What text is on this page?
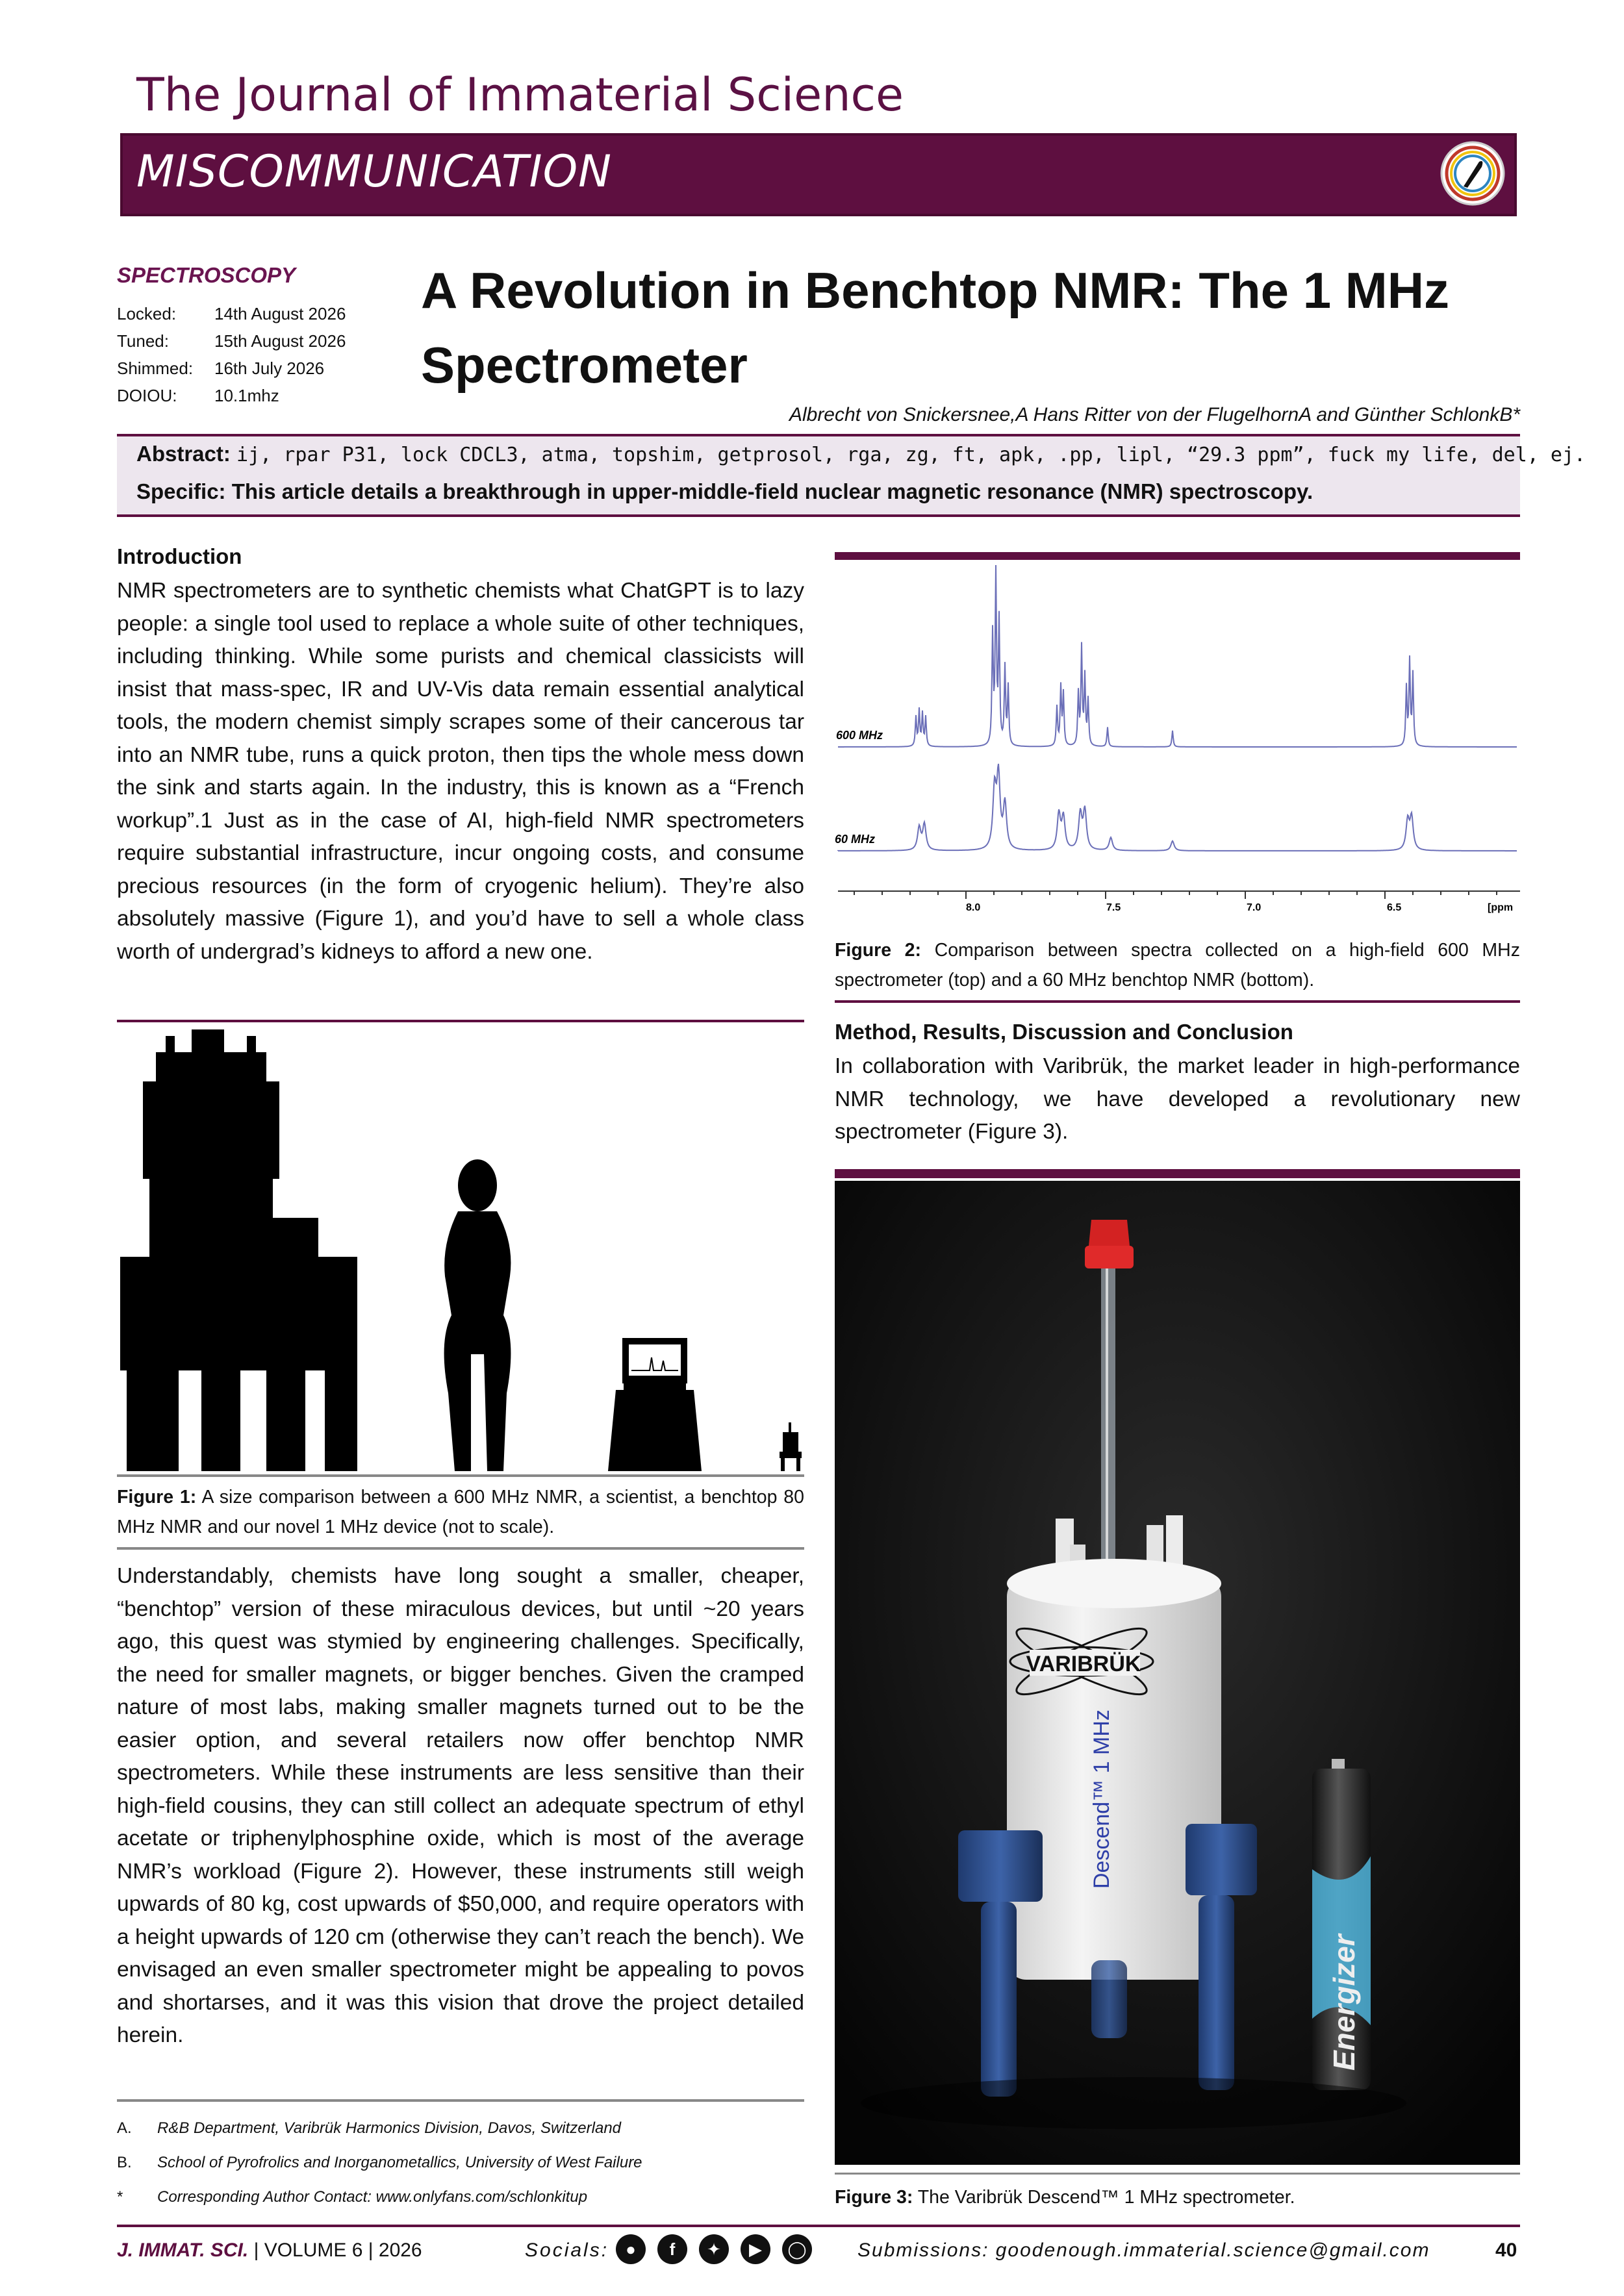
The Journal of Immaterial Science
MISCOMMUNICATION
SPECTROSCOPY
Locked:	14th August 2026
Tuned:	15th August 2026
Shimmed:	16th July 2026
DOIOU:	10.1mhz
A Revolution in Benchtop NMR: The 1 MHz Spectrometer
Albrecht von Snickersnee,A Hans Ritter von der FlugelhornA and Günther SchlonkB*
Abstract: ij, rpar P31, lock CDCL3, atma, topshim, getprosol, rga, zg, ft, apk, .pp, lipl, “29.3 ppm”, fuck my life, del, ej.
Specific: This article details a breakthrough in upper-middle-field nuclear magnetic resonance (NMR) spectroscopy.
Introduction
NMR spectrometers are to synthetic chemists what ChatGPT is to lazy people: a single tool used to replace a whole suite of other techniques, including thinking. While some purists and chemical classicists will insist that mass-spec, IR and UV-Vis data remain essential analytical tools, the modern chemist simply scrapes some of their cancerous tar into an NMR tube, runs a quick proton, then tips the whole mess down the sink and starts again. In the industry, this is known as a “French workup”.1 Just as in the case of AI, high-field NMR spectrometers require substantial infrastructure, incur ongoing costs, and consume precious resources (in the form of cryogenic helium). They’re also absolutely massive (Figure 1), and you’d have to sell a whole class worth of undergrad’s kidneys to afford a new one.
Figure 1: A size comparison between a 600 MHz NMR, a scientist, a benchtop 80 MHz NMR and our novel 1 MHz device (not to scale).
Understandably, chemists have long sought a smaller, cheaper, “benchtop” version of these miraculous devices, but until ~20 years ago, this quest was stymied by engineering challenges. Specifically, the need for smaller magnets, or bigger benches. Given the cramped nature of most labs, making smaller magnets turned out to be the easier option, and several retailers now offer benchtop NMR spectrometers. While these instruments are less sensitive than their high-field cousins, they can still collect an adequate spectrum of ethyl acetate or triphenylphosphine oxide, which is most of the average NMR’s workload (Figure 2). However, these instruments still weigh upwards of 80 kg, cost upwards of $50,000, and require operators with a height upwards of 120 cm (otherwise they can’t reach the bench). We envisaged an even smaller spectrometer might be appealing to povos and shortarses, and it was this vision that drove the project detailed herein.
A.	R&B Department, Varibrük Harmonics Division, Davos, Switzerland
B.	School of Pyrofrolics and Inorganometallics, University of West Failure
*	Corresponding Author Contact: www.onlyfans.com/schlonkitup
600 MHz
60 MHz
8.0	7.5	7.0	6.5	[ppm
Figure 2: Comparison between spectra collected on a high-field 600 MHz spectrometer (top) and a 60 MHz benchtop NMR (bottom).
Method, Results, Discussion and Conclusion
In collaboration with Varibrük, the market leader in high-performance NMR technology, we have developed a revolutionary new spectrometer (Figure 3).
VARIBRÜK
Descend™ 1 MHz
Energizer
Figure 3: The Varibrük Descend™ 1 MHz spectrometer.
J. IMMAT. SCI. | VOLUME 6 | 2026	Socials:	●	f	✦	▶	◯	Submissions: goodenough.immaterial.science@gmail.com	40
